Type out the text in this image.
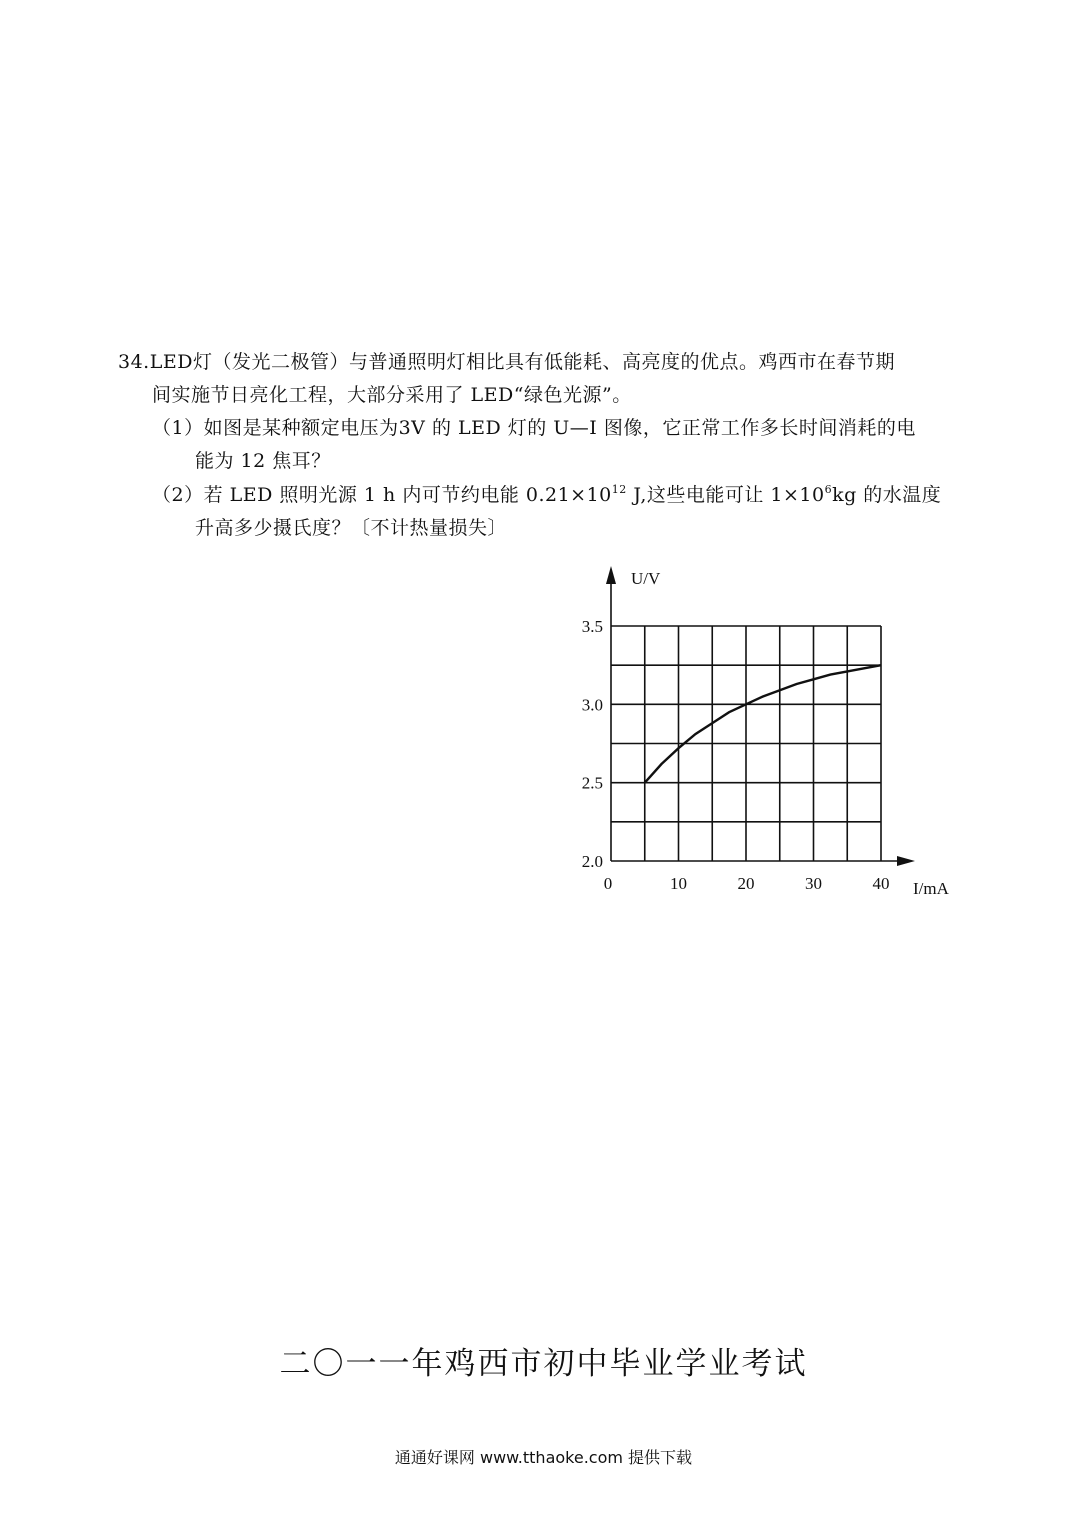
34.LED灯（发光二极管）与普通照明灯相比具有低能耗、高亮度的优点。鸡西市在春节期
间实施节日亮化工程，大部分采用了 LED“绿色光源”。
（1）如图是某种额定电压为3V 的 LED 灯的 U—I 图像，它正常工作多长时间消耗的电
能为 12 焦耳？
（2）若 LED 照明光源 1 h 内可节约电能 $0.21\times 10^{12}$ J,这些电能可让 $1\times 10^6kg$ 的水温度
升高多少摄氏度？〔不计热量损失〕
0	10	20	30	40
2.0
2.5
3.0
3.5
U/V
I/mA
二〇一一年鸡西市初中毕业学业考试
通通好课网 www.tthaoke.com 提供下载
